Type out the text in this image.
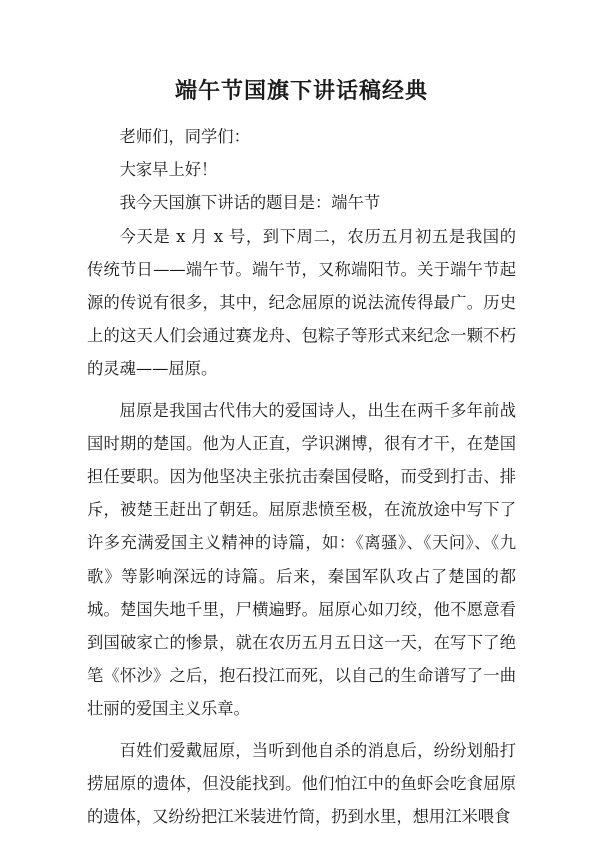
端午节国旗下讲话稿经典

老师们，同学们：

大家早上好！

我今天国旗下讲话的题目是：端午节

今天是 x 月 x 号，到下周二，农历五月初五是我国的传统节日——端午节。端午节，又称端阳节。关于端午节起源的传说有很多，其中，纪念屈原的说法流传得最广。历史上的这天人们会通过赛龙舟、包粽子等形式来纪念一颗不朽的灵魂——屈原。

屈原是我国古代伟大的爱国诗人，出生在两千多年前战国时期的楚国。他为人正直，学识渊博，很有才干，在楚国担任要职。因为他坚决主张抗击秦国侵略，而受到打击、排斥，被楚王赶出了朝廷。屈原悲愤至极，在流放途中写下了许多充满爱国主义精神的诗篇，如：《离骚》、《天问》、《九歌》等影响深远的诗篇。后来，秦国军队攻占了楚国的都城。楚国失地千里，尸横遍野。屈原心如刀绞，他不愿意看到国破家亡的惨景，就在农历五月五日这一天，在写下了绝笔《怀沙》之后，抱石投江而死，以自己的生命谱写了一曲壮丽的爱国主义乐章。

百姓们爱戴屈原，当听到他自杀的消息后，纷纷划船打捞屈原的遗体，但没能找到。他们怕江中的鱼虾会吃食屈原的遗体，又纷纷把江米装进竹筒，扔到水里，想用江米喂食
